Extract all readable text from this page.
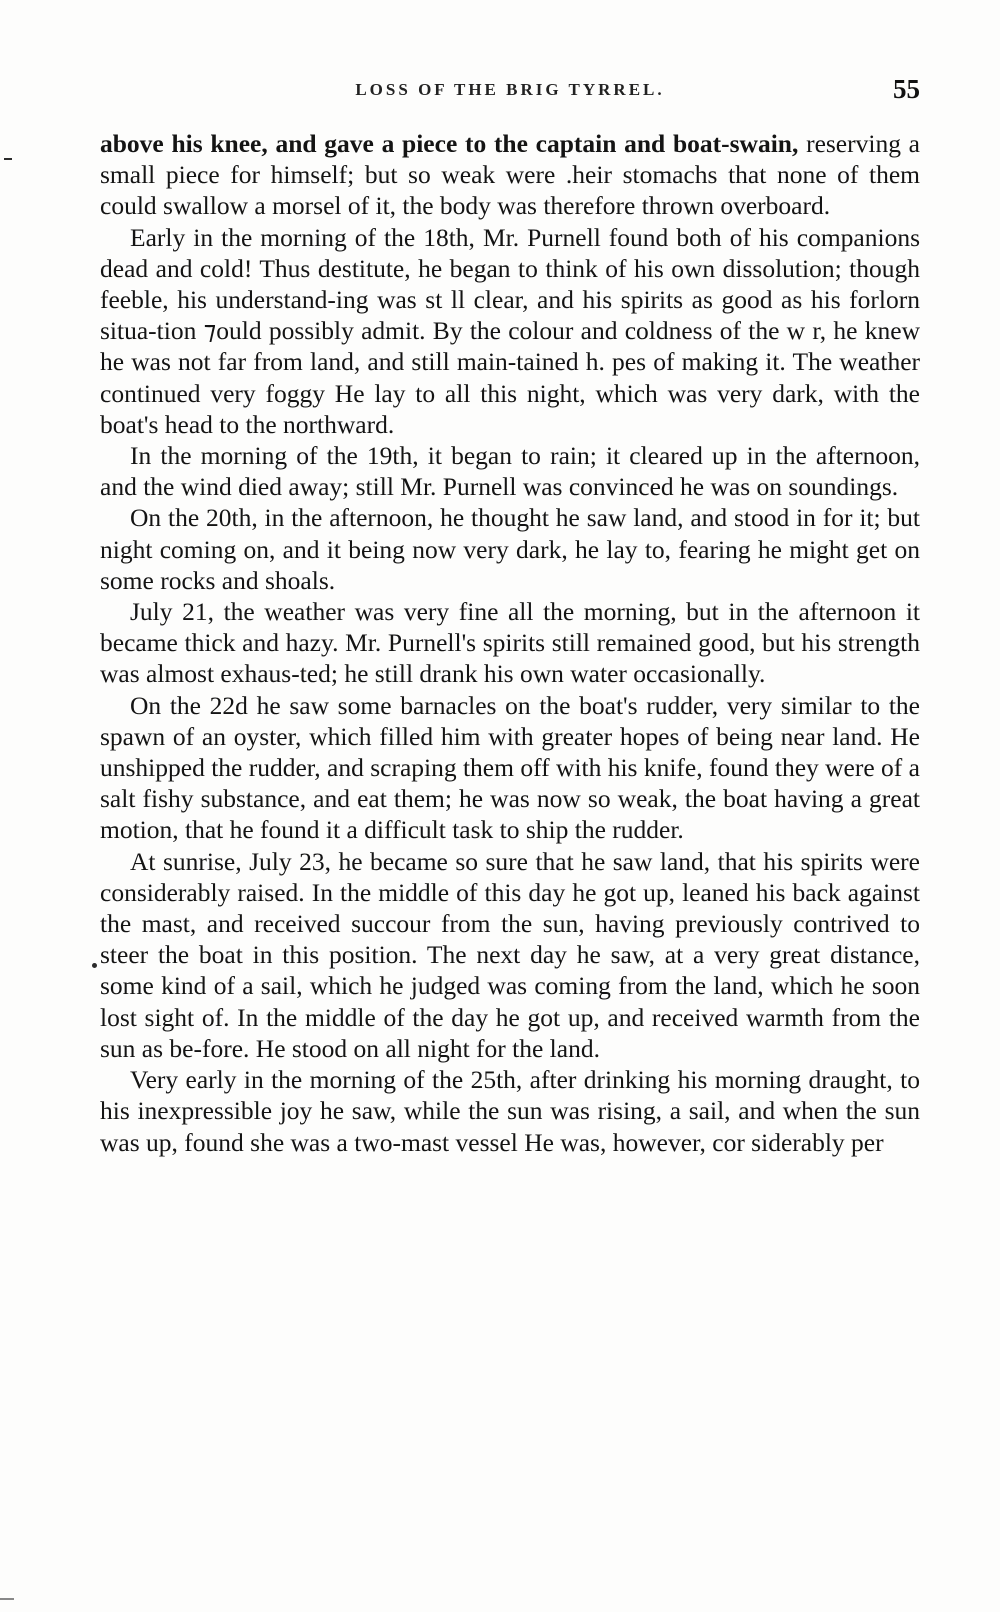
LOSS OF THE BRIG TYRREL.	55

above his knee, and gave a piece to the captain and boat-swain, reserving a small piece for himself; but so weak were .heir stomachs that none of them could swallow a morsel of it, the body was therefore thrown overboard.

Early in the morning of the 18th, Mr. Purnell found both of his companions dead and cold! Thus destitute, he began to think of his own dissolution; though feeble, his understand-ing was st ll clear, and his spirits as good as his forlorn situa-tion ⁊ould possibly admit. By the colour and coldness of the w r, he knew he was not far from land, and still main-tained h. pes of making it. The weather continued very foggy He lay to all this night, which was very dark, with the boat's head to the northward.

In the morning of the 19th, it began to rain; it cleared up in the afternoon, and the wind died away; still Mr. Purnell was convinced he was on soundings.

On the 20th, in the afternoon, he thought he saw land, and stood in for it; but night coming on, and it being now very dark, he lay to, fearing he might get on some rocks and shoals.

July 21, the weather was very fine all the morning, but in the afternoon it became thick and hazy. Mr. Purnell's spirits still remained good, but his strength was almost exhaus-ted; he still drank his own water occasionally.

On the 22d he saw some barnacles on the boat's rudder, very similar to the spawn of an oyster, which filled him with greater hopes of being near land. He unshipped the rudder, and scraping them off with his knife, found they were of a salt fishy substance, and eat them; he was now so weak, the boat having a great motion, that he found it a difficult task to ship the rudder.

At sunrise, July 23, he became so sure that he saw land, that his spirits were considerably raised. In the middle of this day he got up, leaned his back against the mast, and received succour from the sun, having previously contrived to steer the boat in this position. The next day he saw, at a very great distance, some kind of a sail, which he judged was coming from the land, which he soon lost sight of. In the middle of the day he got up, and received warmth from the sun as be-fore. He stood on all night for the land.

Very early in the morning of the 25th, after drinking his morning draught, to his inexpressible joy he saw, while the sun was rising, a sail, and when the sun was up, found she was a two-mast vessel He was, however, cor siderably per
